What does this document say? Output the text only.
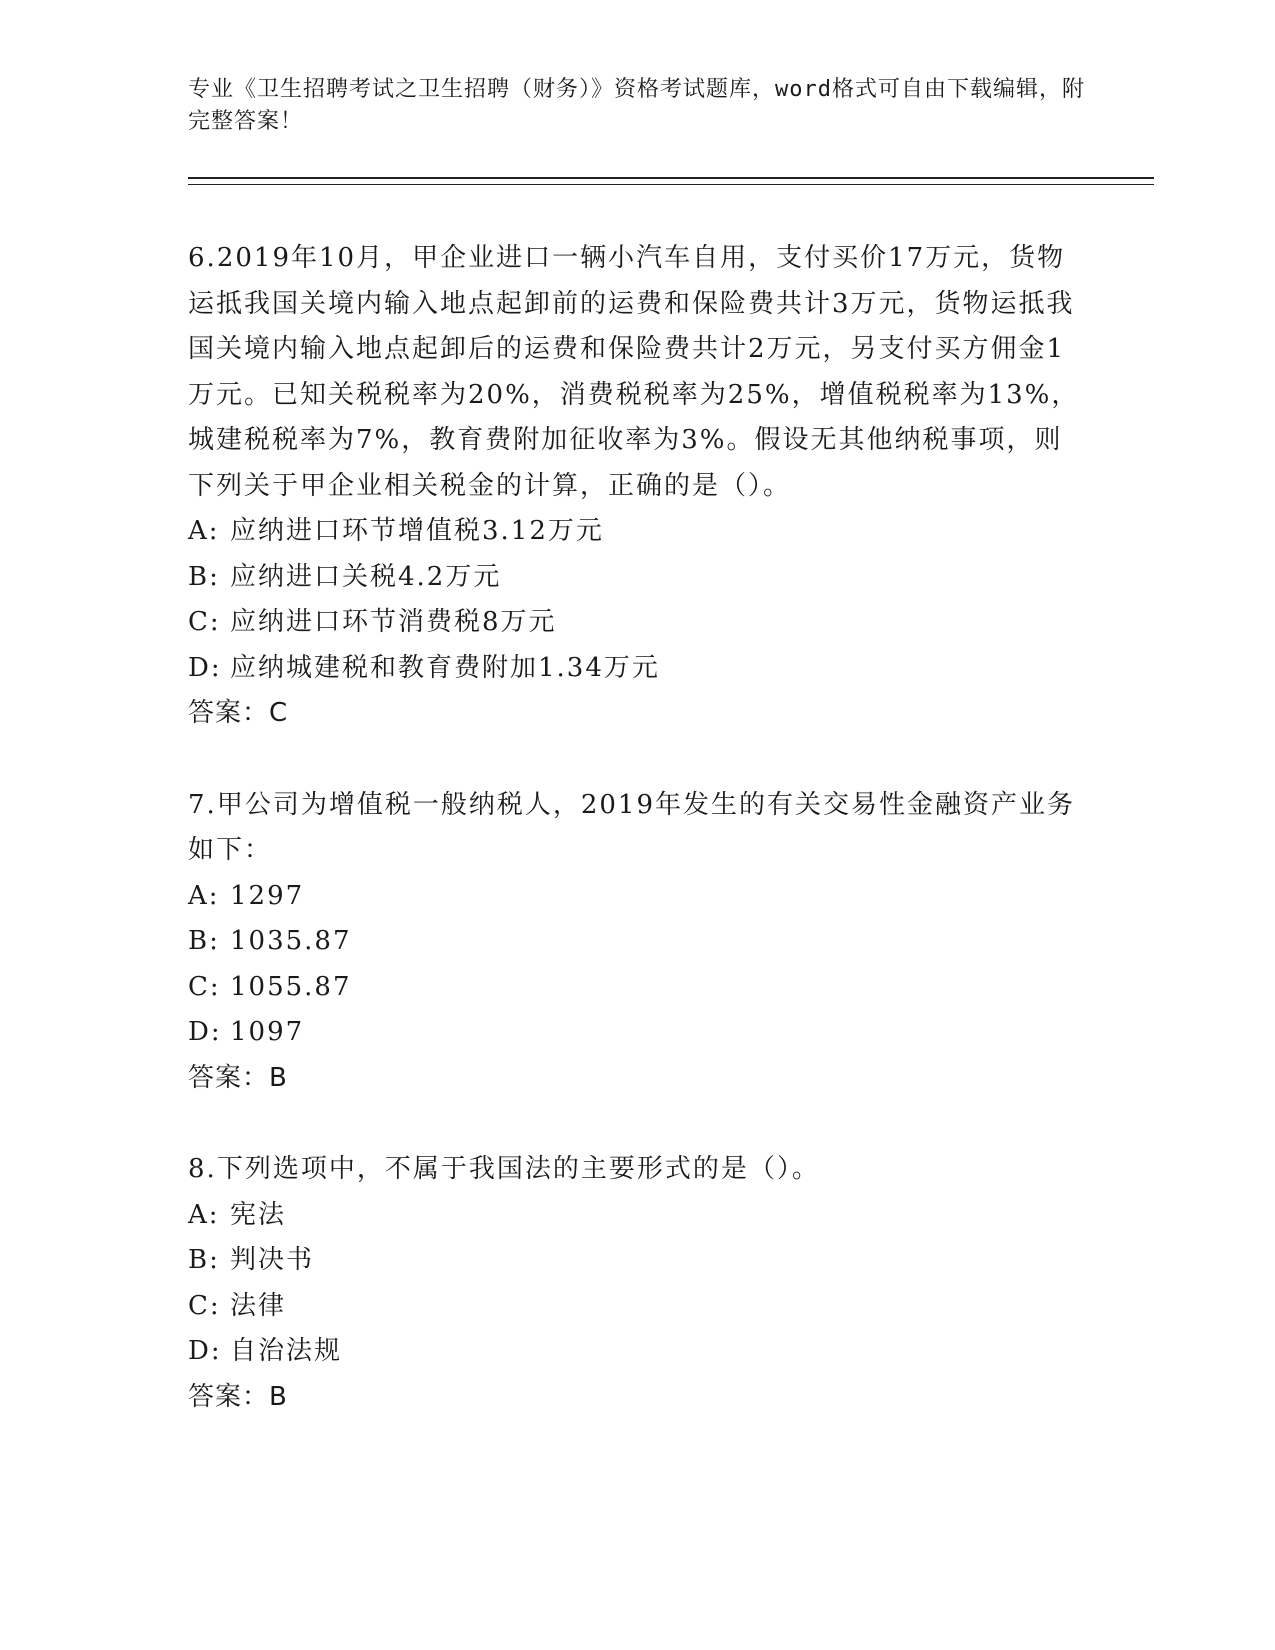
专业《卫生招聘考试之卫生招聘（财务）》资格考试题库，word格式可自由下载编辑，附完整答案！

6.2019年10月，甲企业进口一辆小汽车自用，支付买价17万元，货物运抵我国关境内输入地点起卸前的运费和保险费共计3万元，货物运抵我国关境内输入地点起卸后的运费和保险费共计2万元，另支付买方佣金1万元。已知关税税率为20%，消费税税率为25%，增值税税率为13%，城建税税率为7%，教育费附加征收率为3%。假设无其他纳税事项，则下列关于甲企业相关税金的计算，正确的是（）。

A: 应纳进口环节增值税3.12万元

B: 应纳进口关税4.2万元

C: 应纳进口环节消费税8万元

D: 应纳城建税和教育费附加1.34万元

答案：C

7.甲公司为增值税一般纳税人，2019年发生的有关交易性金融资产业务如下：

A: 1297

B: 1035.87

C: 1055.87

D: 1097

答案：B

8.下列选项中，不属于我国法的主要形式的是（）。

A: 宪法

B: 判决书

C: 法律

D: 自治法规

答案：B
